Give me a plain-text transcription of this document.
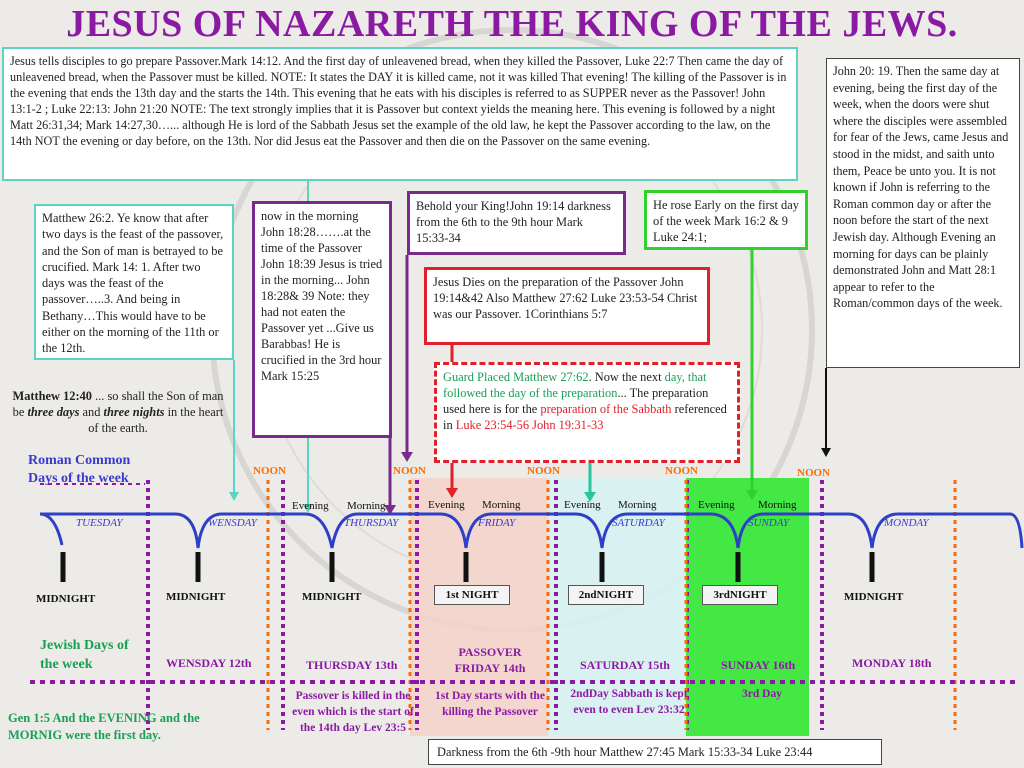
JESUS OF NAZARETH THE KING OF THE JEWS.
Jesus tells disciples to go prepare Passover.Mark 14:12. And the first day of unleavened bread, when they killed the Passover, Luke 22:7 Then came the day of unleavened bread, when the Passover must be killed. NOTE: It states the DAY it is killed came, not it was killed That evening! The killing of the Passover is in the evening that ends the 13th day and the starts the 14th. This evening that he eats with his disciples is referred to as SUPPER never as the Passover! John 13:1-2 ; Luke 22:13: John 21:20 NOTE: The text strongly implies that it is Passover but context yields the meaning here. This evening is followed by a night Matt 26:31,34; Mark 14:27,30…... although He is lord of the Sabbath Jesus set the example of the old law, he kept the Passover according to the law, on the 14th NOT the evening or day before, on the 13th. Nor did Jesus eat the Passover and then die on the Passover on the same evening.
John 20: 19. Then the same day at evening, being the first day of the week, when the doors were shut where the disciples were assembled for fear of the Jews, came Jesus and stood in the midst, and saith unto them, Peace be unto you. It is not known if John is referring to the Roman common day or after the noon before the start of the next Jewish day. Although Evening an morning for days can be plainly demonstrated John and Matt 28:1 appear to refer to the Roman/common days of the week.
Matthew 26:2. Ye know that after two days is the feast of the passover, and the Son of man is betrayed to be crucified. Mark 14: 1. After two days was the feast of the passover…..3. And being in Bethany…This would have to be either on the morning of the 11th or the 12th.
Matthew 12:40 ... so shall the Son of man be three days and three nights in the heart of the earth.
now in the morning John 18:28…….at the time of the Passover John 18:39 Jesus is tried in the morning... John 18:28& 39 Note: they had not eaten the Passover yet ...Give us Barabbas! He is crucified in the 3rd hour Mark 15:25
Behold your King!John 19:14 darkness from the 6th to the 9th hour Mark 15:33-34
He rose Early on the first day of the week Mark 16:2 & 9 Luke 24:1;
Jesus Dies on the preparation of the Passover John 19:14&42 Also Matthew 27:62 Luke 23:53-54 Christ was our Passover. 1Corinthians 5:7
Guard Placed Matthew 27:62. Now the next day, that followed the day of the preparation... The preparation used here is for the preparation of the Sabbath referenced in Luke 23:54-56 John 19:31-33
Roman Common Days of the week	NOON	NOON	NOON	NOON	NOON
Evening Morning	Evening Morning	Evening Morning	Evening Morning
TUESDAY	WENSDAY	THURSDAY	FRIDAY	SATURDAY	SUNDAY	MONDAY
MIDNIGHT	MIDNIGHT	MIDNIGHT	MIDNIGHT
1st NIGHT	2ndNIGHT	3rdNIGHT
Jewish Days of the week	WENSDAY 12th	THURSDAY 13th
PASSOVER FRIDAY 14th	SATURDAY 15th	SUNDAY 16th	MONDAY 18th
Passover is killed in the even which is the start of the 14th day Lev 23:5
1st Day starts with the killing the Passover
2ndDay Sabbath is kept even to even Lev 23:32
3rd Day
Gen 1:5 And the EVENING and the MORNIG were the first day.
Darkness from the 6th -9th hour Matthew 27:45 Mark 15:33-34 Luke 23:44
